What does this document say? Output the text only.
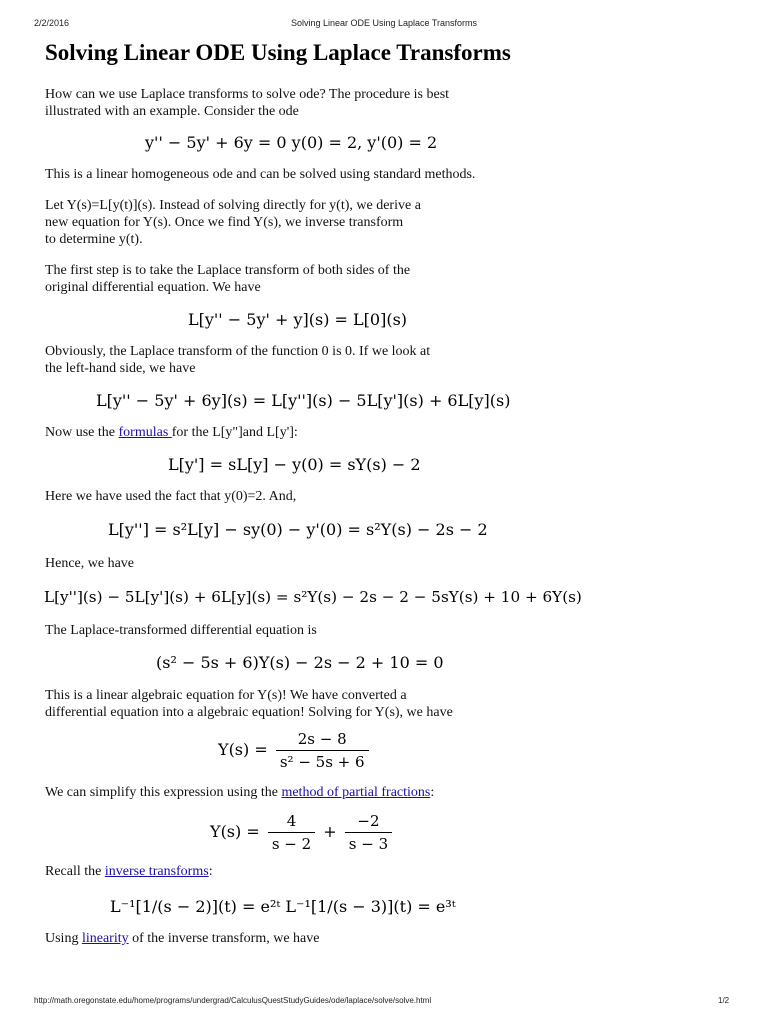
2/2/2016	Solving Linear ODE Using Laplace Transforms
Solving Linear ODE Using Laplace Transforms

How can we use Laplace transforms to solve ode? The procedure is best
illustrated with an example. Consider the ode

y'' − 5y' + 6y = 0 y(0) = 2, y'(0) = 2

This is a linear homogeneous ode and can be solved using standard methods.

Let Y(s)=L[y(t)](s). Instead of solving directly for y(t), we derive a
new equation for Y(s). Once we find Y(s), we inverse transform
to determine y(t).

The first step is to take the Laplace transform of both sides of the
original differential equation. We have

L[y'' − 5y' + y](s) = L[0](s)

Obviously, the Laplace transform of the function 0 is 0. If we look at
the left-hand side, we have

L[y'' − 5y' + 6y](s) = L[y''](s) − 5L[y'](s) + 6L[y](s)

Now use the formulas for the L[y"]and L[y']:

L[y'] = sL[y] − y(0) = sY(s) − 2

Here we have used the fact that y(0)=2. And,

L[y''] = s²L[y] − sy(0) − y'(0) = s²Y(s) − 2s − 2

Hence, we have

L[y''](s) − 5L[y'](s) + 6L[y](s) = s²Y(s) − 2s − 2 − 5sY(s) + 10 + 6Y(s)

The Laplace-transformed differential equation is

(s² − 5s + 6)Y(s) − 2s − 2 + 10 = 0

This is a linear algebraic equation for Y(s)! We have converted a
differential equation into a algebraic equation! Solving for Y(s), we have

$Y(s) = \frac{2s - 8}{\text{s² − 5s + 6}}$

We can simplify this expression using the method of partial fractions:

$Y(s) = \frac{4}{s - 2} + \frac{-2}{s - 3}$

Recall the inverse transforms:

L⁻¹[1/(s − 2)](t) = e²ᵗ L⁻¹[1/(s − 3)](t) = e³ᵗ

Using linearity of the inverse transform, we have

http://math.oregonstate.edu/home/programs/undergrad/CalculusQuestStudyGuides/ode/laplace/solve/solve.html	1/2
